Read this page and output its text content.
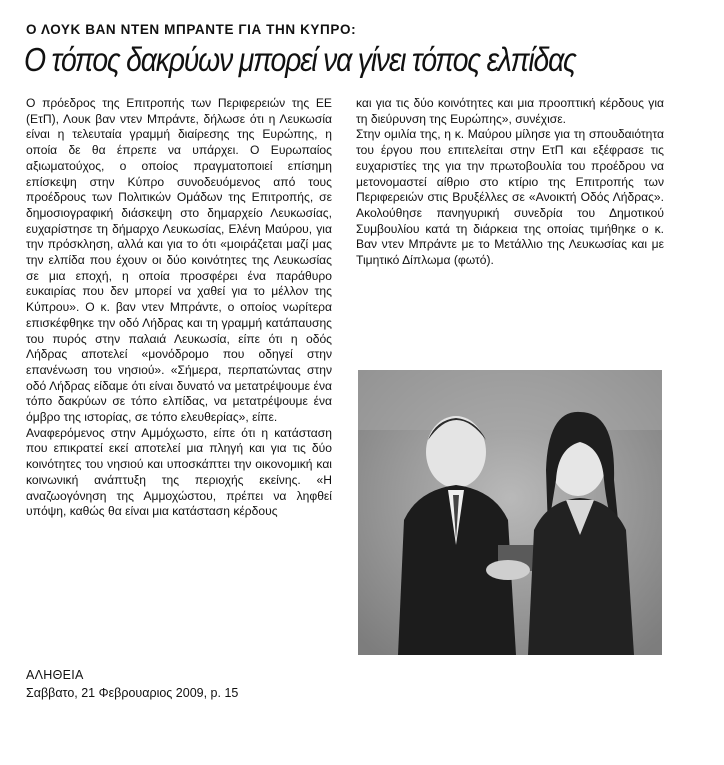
Ο ΛΟΥΚ ΒΑΝ ΝΤΕΝ ΜΠΡΑΝΤΕ ΓΙΑ ΤΗΝ ΚΥΠΡΟ:
Ο τόπος δακρύων μπορεί να γίνει τόπος ελπίδας

Ο πρόεδρος της Επιτροπής των Περιφερειών της ΕΕ (ΕτΠ), Λουκ βαν ντεν Μπράντε, δήλωσε ότι η Λευκωσία είναι η τελευταία γραμμή διαίρεσης της Ευρώπης, η οποία δε θα έπρεπε να υπάρχει. Ο Ευρωπαίος αξιωματούχος, ο οποίος πραγματοποιεί επίσημη επίσκεψη στην Κύπρο συνοδευόμενος από τους προέδρους των Πολιτικών Ομάδων της Επιτροπής, σε δημοσιογραφική διάσκεψη στο δημαρχείο Λευκωσίας, ευχαρίστησε τη δήμαρχο Λευκωσίας, Ελένη Μαύρου, για την πρόσκληση, αλλά και για το ότι «μοιράζεται μαζί μας την ελπίδα που έχουν οι δύο κοινότητες της Λευκωσίας σε μια εποχή, η οποία προσφέρει ένα παράθυρο ευκαιρίας που δεν μπορεί να χαθεί για το μέλλον της Κύπρου». Ο κ. βαν ντεν Μπράντε, ο οποίος νωρίτερα επισκέφθηκε την οδό Λήδρας και τη γραμμή κατάπαυσης του πυρός στην παλαιά Λευκωσία, είπε ότι η οδός Λήδρας αποτελεί «μονόδρομο που οδηγεί στην επανένωση του νησιού». «Σήμερα, περπατώντας στην οδό Λήδρας είδαμε ότι είναι δυνατό να μετατρέψουμε ένα τόπο δακρύων σε τόπο ελπίδας, να μετατρέψουμε ένα όμβρο της ιστορίας, σε τόπο ελευθερίας», είπε.

Αναφερόμενος στην Αμμόχωστο, είπε ότι η κατάσταση που επικρατεί εκεί αποτελεί μια πληγή και για τις δύο κοινότητες του νησιού και υποσκάπτει την οικονομική και κοινωνική ανάπτυξη της περιοχής εκείνης. «Η αναζωογόνηση της Αμμοχώστου, πρέπει να ληφθεί υπόψη, καθώς θα είναι μια κατάσταση κέρδους

και για τις δύο κοινότητες και μια προοπτική κέρδους για τη διεύρυνση της Ευρώπης», συνέχισε.

Στην ομιλία της, η κ. Μαύρου μίλησε για τη σπουδαιότητα του έργου που επιτελείται στην ΕτΠ και εξέφρασε τις ευχαριστίες της για την πρωτοβουλία του προέδρου να μετονομαστεί αίθριο στο κτίριο της Επιτροπής των Περιφερειών στις Βρυξέλλες σε «Ανοικτή Οδός Λήδρας». Ακολούθησε πανηγυρική συνεδρία του Δημοτικού Συμβουλίου κατά τη διάρκεια της οποίας τιμήθηκε ο κ. Βαν ντεν Μπράντε με το Μετάλλιο της Λευκωσίας και με Τιμητικό Δίπλωμα (φωτό).

ΑΛΗΘΕΙΑ
Σαββατο, 21 Φεβρουαριος 2009, p. 15
